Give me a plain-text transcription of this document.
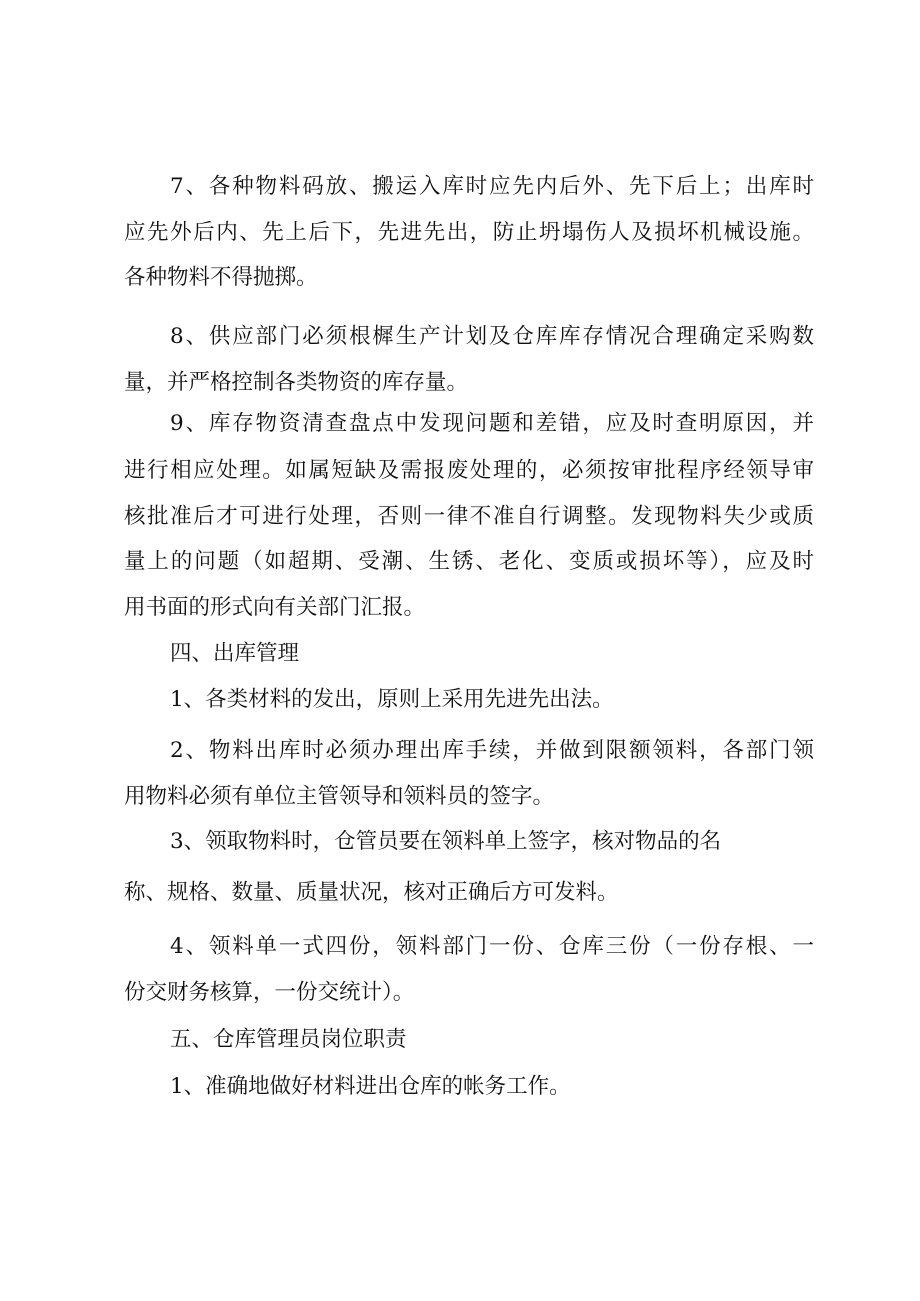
7、各种物料码放、搬运入库时应先内后外、先下后上；出库时
应先外后内、先上后下，先进先出，防止坍塌伤人及损坏机械设施。
各种物料不得抛掷。
8、供应部门必须根樨生产计划及仓库库存情况合理确定采购数
量，并严格控制各类物资的库存量。
9、库存物资清查盘点中发现问题和差错，应及时查明原因，并
进行相应处理。如属短缺及需报废处理的，必须按审批程序经领导审
核批准后才可进行处理，否则一律不准自行调整。发现物料失少或质
量上的问题（如超期、受潮、生锈、老化、变质或损坏等），应及时
用书面的形式向有关部门汇报。
四、出库管理
1、各类材料的发出，原则上采用先进先出法。
2、物料出库时必须办理出库手续，并做到限额领料，各部门领
用物料必须有单位主管领导和领料员的签字。
3、领取物料时，仓管员要在领料单上签字，核对物品的名
称、规格、数量、质量状况，核对正确后方可发料。
4、领料单一式四份，领料部门一份、仓库三份（一份存根、一
份交财务核算，一份交统计）。
五、仓库管理员岗位职责
1、准确地做好材料进出仓库的帐务工作。
